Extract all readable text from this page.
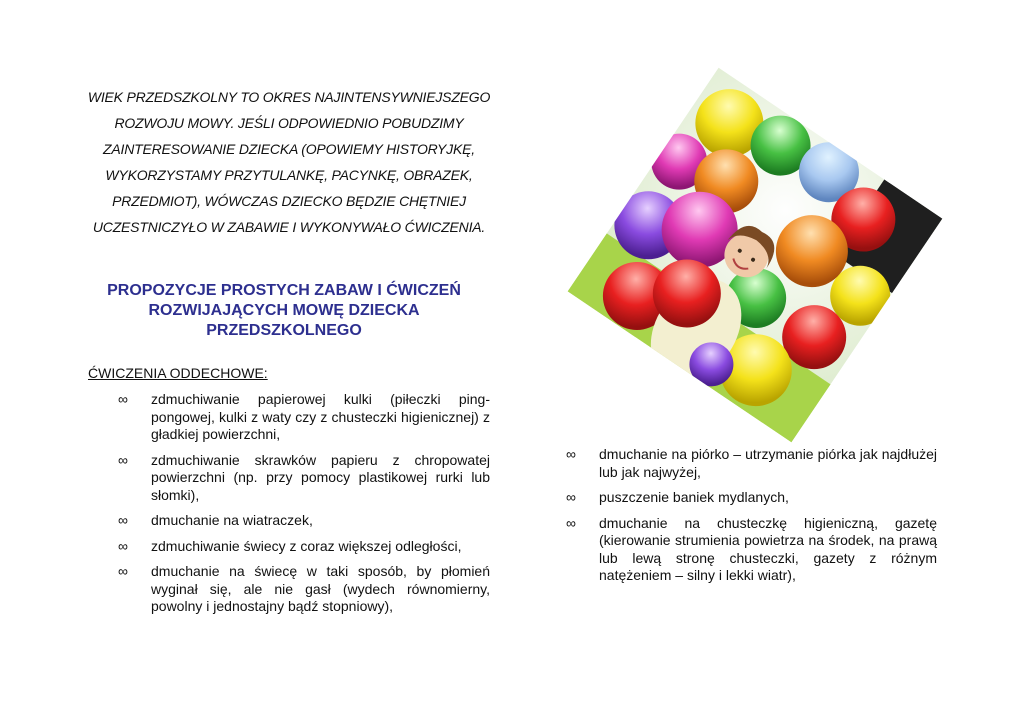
WIEK PRZEDSZKOLNY TO OKRES NAJINTENSYWNIEJSZEGO
ROZWOJU MOWY. JEŚLI ODPOWIEDNIO POBUDZIMY
ZAINTERESOWANIE DZIECKA (OPOWIEMY HISTORYJKĘ,
WYKORZYSTAMY PRZYTULANKĘ, PACYNKĘ, OBRAZEK,
PRZEDMIOT), WÓWCZAS DZIECKO BĘDZIE CHĘTNIEJ
UCZESTNICZYŁO W ZABAWIE I WYKONYWAŁO ĆWICZENIA.
PROPOZYCJE PROSTYCH ZABAW I ĆWICZEŃ
ROZWIJAJĄCYCH MOWĘ DZIECKA
PRZEDSZKOLNEGO
ĆWICZENIA ODDECHOWE:
∞	zdmuchiwanie papierowej kulki (piłeczki ping-pongowej, kulki z waty czy z chusteczki higienicznej) z gładkiej powierzchni,
∞	zdmuchiwanie skrawków papieru z chropowatej powierzchni (np. przy pomocy plastikowej rurki lub słomki),
∞	dmuchanie na wiatraczek,
∞	zdmuchiwanie świecy z coraz większej odległości,
∞	dmuchanie na świecę w taki sposób, by płomień wyginał się, ale nie gasł (wydech równomierny, powolny i jednostajny bądź stopniowy),
∞	dmuchanie na piórko – utrzymanie piórka jak najdłużej lub jak najwyżej,
∞	puszczenie baniek mydlanych,
∞	dmuchanie na chusteczkę higieniczną, gazetę (kierowanie strumienia powietrza na środek, na prawą lub lewą stronę chusteczki, gazety z różnym natężeniem – silny i lekki wiatr),
